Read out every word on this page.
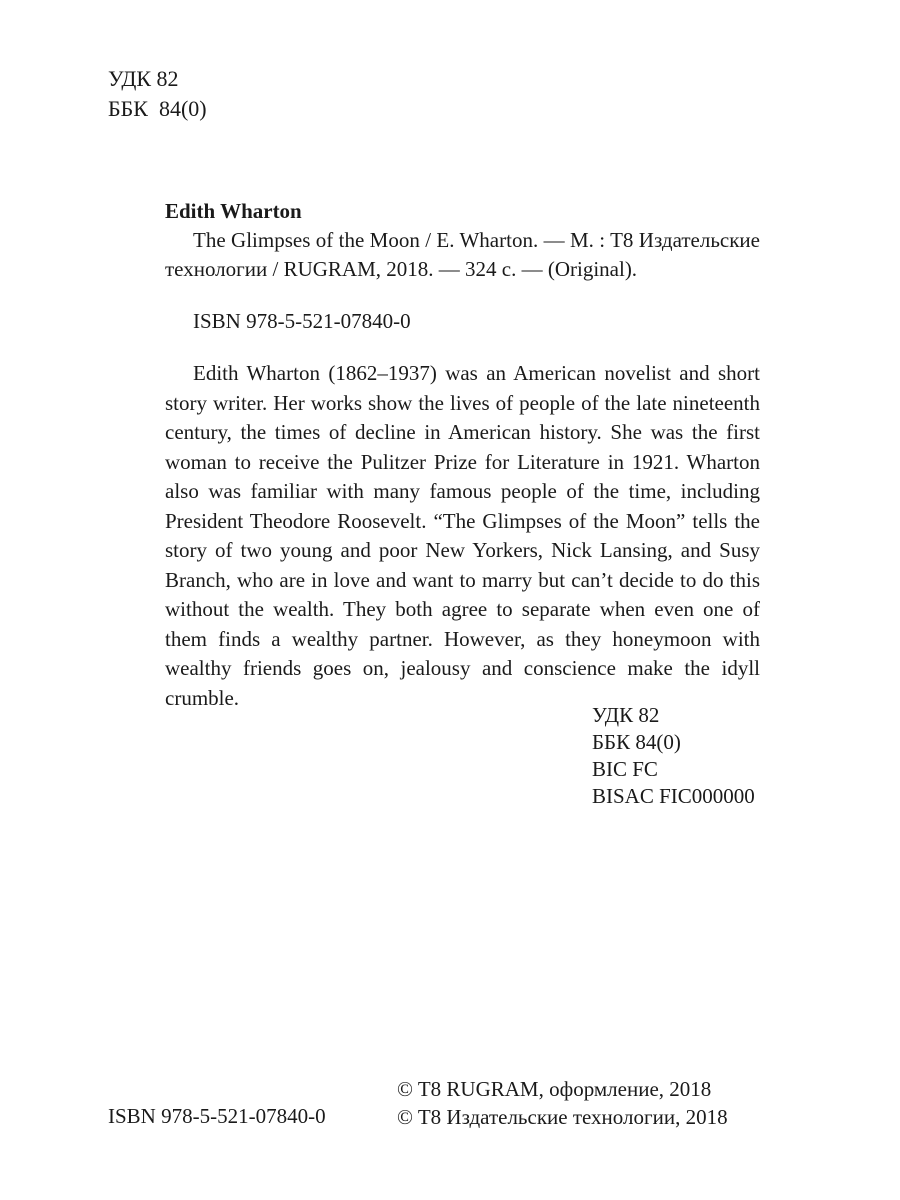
УДК 82
ББК  84(0)
Edith Wharton

The Glimpses of the Moon / E. Wharton. — M. : T8 Издательские технологии / RUGRAM, 2018. — 324 с. — (Original).

ISBN 978-5-521-07840-0
Edith Wharton (1862–1937) was an American novelist and short story writer. Her works show the lives of people of the late nineteenth century, the times of decline in American history. She was the first woman to receive the Pulitzer Prize for Literature in 1921. Wharton also was familiar with many famous people of the time, including President Theodore Roosevelt. “The Glimpses of the Moon” tells the story of two young and poor New Yorkers, Nick Lansing, and Susy Branch, who are in love and want to marry but can’t decide to do this without the wealth. They both agree to separate when even one of them finds a wealthy partner. However, as they honeymoon with wealthy friends goes on, jealousy and conscience make the idyll crumble.
УДК 82
ББК 84(0)
BIC FC
BISAC FIC000000
ISBN 978-5-521-07840-0
© T8 RUGRAM, оформление, 2018
© T8 Издательские технологии, 2018
